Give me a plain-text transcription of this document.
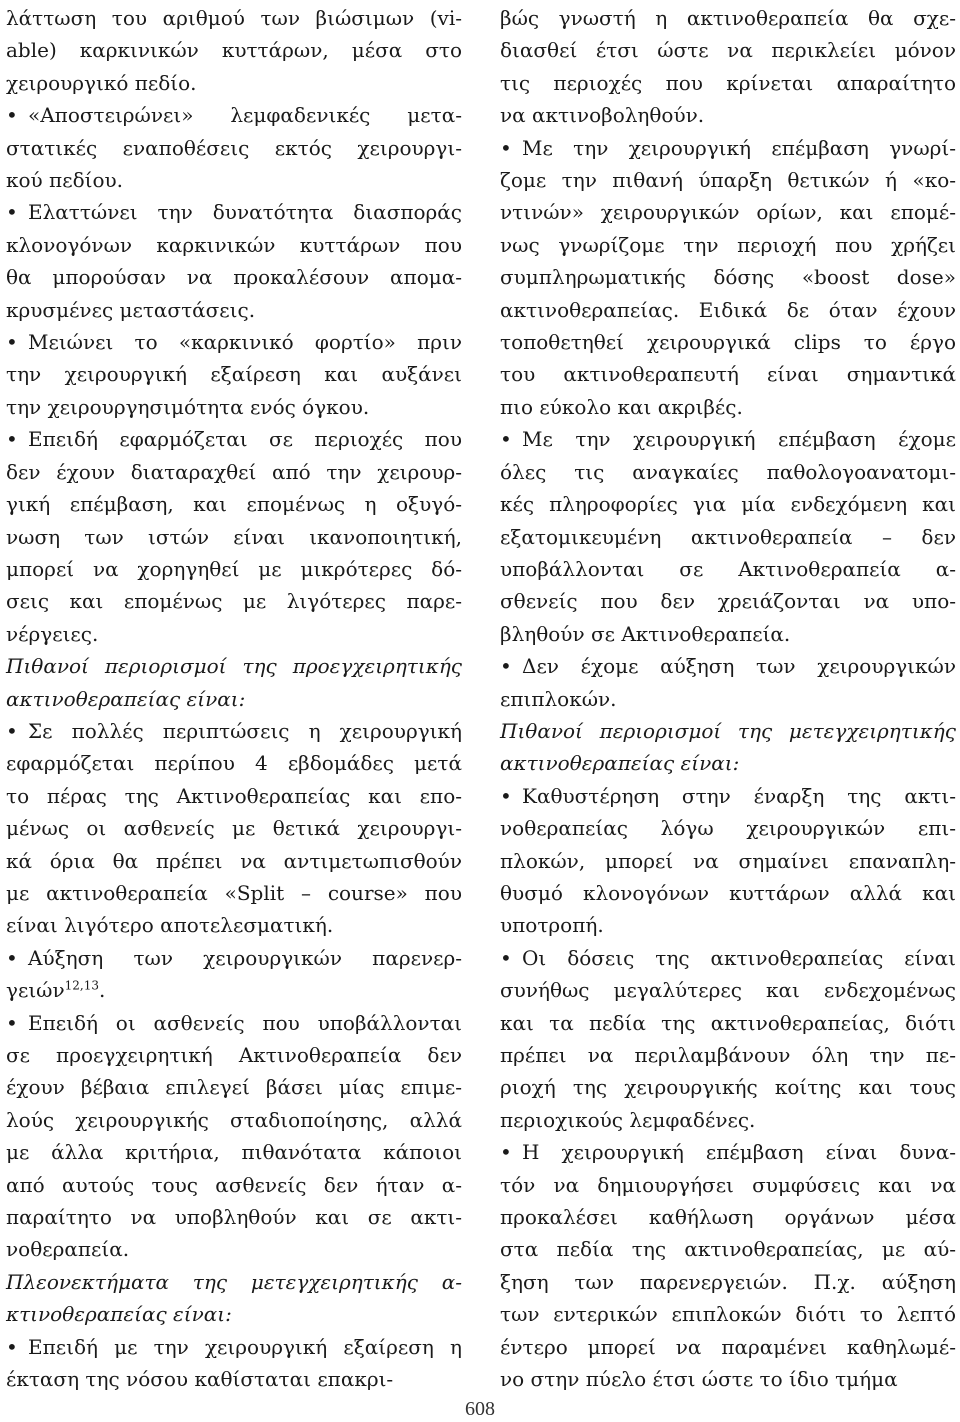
λάττωση του αριθμού των βιώσιμων (vi-
able) καρκινικών κυττάρων, μέσα στο
χειρουργικό πεδίο.
• «Αποστειρώνει» λεμφαδενικές μετα-
στατικές εναποθέσεις εκτός χειρουργι-
κού πεδίου.
• Ελαττώνει την δυνατότητα διασποράς
κλονογόνων καρκινικών κυττάρων που
θα μπορούσαν να προκαλέσουν απομα-
κρυσμένες μεταστάσεις.
• Μειώνει το «καρκινικό φορτίο» πριν
την χειρουργική εξαίρεση και αυξάνει
την χειρουργησιμότητα ενός όγκου.
• Επειδή εφαρμόζεται σε περιοχές που
δεν έχουν διαταραχθεί από την χειρουρ-
γική επέμβαση, και επομένως η οξυγό-
νωση των ιστών είναι ικανοποιητική,
μπορεί να χορηγηθεί με μικρότερες δό-
σεις και επομένως με λιγότερες παρε-
νέργειες.
Πιθανοί περιορισμοί της προεγχειρητικής
ακτινοθεραπείας είναι:
• Σε πολλές περιπτώσεις η χειρουργική
εφαρμόζεται περίπου 4 εβδομάδες μετά
το πέρας της Ακτινοθεραπείας και επο-
μένως οι ασθενείς με θετικά χειρουργι-
κά όρια θα πρέπει να αντιμετωπισθούν
με ακτινοθεραπεία «Split – course» που
είναι λιγότερο αποτελεσματική.
• Αύξηση των χειρουργικών παρενερ-
γειών$^{12,13}$.
• Επειδή οι ασθενείς που υποβάλλονται
σε προεγχειρητική Ακτινοθεραπεία δεν
έχουν βέβαια επιλεγεί βάσει μίας επιμε-
λούς χειρουργικής σταδιοποίησης, αλλά
με άλλα κριτήρια, πιθανότατα κάποιοι
από αυτούς τους ασθενείς δεν ήταν α-
παραίτητο να υποβληθούν και σε ακτι-
νοθεραπεία.
Πλεονεκτήματα της μετεγχειρητικής α-
κτινοθεραπείας είναι:
• Επειδή με την χειρουργική εξαίρεση η
έκταση της νόσου καθίσταται επακρι-
βώς γνωστή η ακτινοθεραπεία θα σχε-
διασθεί έτσι ώστε να περικλείει μόνον
τις περιοχές που κρίνεται απαραίτητο
να ακτινοβοληθούν.
• Με την χειρουργική επέμβαση γνωρί-
ζομε την πιθανή ύπαρξη θετικών ή «κο-
ντινών» χειρουργικών ορίων, και επομέ-
νως γνωρίζομε την περιοχή που χρήζει
συμπληρωματικής δόσης «boost dose»
ακτινοθεραπείας. Ειδικά δε όταν έχουν
τοποθετηθεί χειρουργικά clips το έργο
του ακτινοθεραπευτή είναι σημαντικά
πιο εύκολο και ακριβές.
• Με την χειρουργική επέμβαση έχομε
όλες τις αναγκαίες παθολογοανατομι-
κές πληροφορίες για μία ενδεχόμενη και
εξατομικευμένη ακτινοθεραπεία – δεν
υποβάλλονται σε Ακτινοθεραπεία α-
σθενείς που δεν χρειάζονται να υπο-
βληθούν σε Ακτινοθεραπεία.
• Δεν έχομε αύξηση των χειρουργικών
επιπλοκών.
Πιθανοί περιορισμοί της μετεγχειρητικής
ακτινοθεραπείας είναι:
• Καθυστέρηση στην έναρξη της ακτι-
νοθεραπείας λόγω χειρουργικών επι-
πλοκών, μπορεί να σημαίνει επαναπλη-
θυσμό κλονογόνων κυττάρων αλλά και
υποτροπή.
• Οι δόσεις της ακτινοθεραπείας είναι
συνήθως μεγαλύτερες και ενδεχομένως
και τα πεδία της ακτινοθεραπείας, διότι
πρέπει να περιλαμβάνουν όλη την πε-
ριοχή της χειρουργικής κοίτης και τους
περιοχικούς λεμφαδένες.
• Η χειρουργική επέμβαση είναι δυνα-
τόν να δημιουργήσει συμφύσεις και να
προκαλέσει καθήλωση οργάνων μέσα
στα πεδία της ακτινοθεραπείας, με αύ-
ξηση των παρενεργειών. Π.χ. αύξηση
των εντερικών επιπλοκών διότι το λεπτό
έντερο μπορεί να παραμένει καθηλωμέ-
νο στην πύελο έτσι ώστε το ίδιο τμήμα
608
